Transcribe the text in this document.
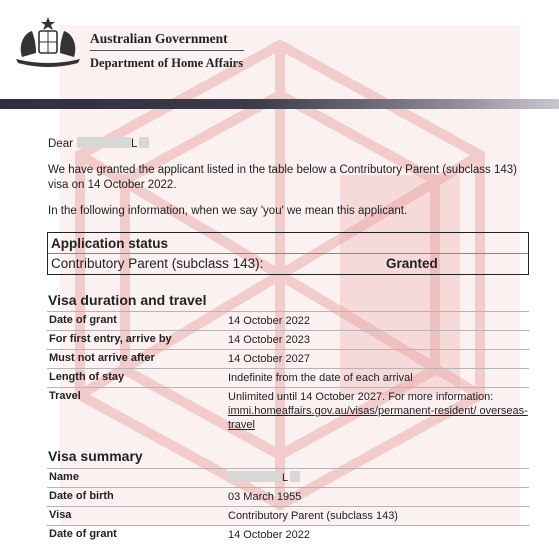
Australian Government
Department of Home Affairs
Dear	L
We have granted the applicant listed in the table below a Contributory Parent (subclass 143) visa on 14 October 2022.
In the following information, when we say 'you' we mean this applicant.
Application status
Contributory Parent (subclass 143):	Granted
Visa duration and travel
Date of grant	14 October 2022
For first entry, arrive by	14 October 2023
Must not arrive after	14 October 2027
Length of stay	Indefinite from the date of each arrival
Travel	Unlimited until 14 October 2027. For more information:
immi.homeaffairs.gov.au/visas/permanent-resident/ overseas-travel
Visa summary
Name	L
Date of birth	03 March 1955
Visa	Contributory Parent (subclass 143)
Date of grant	14 October 2022
